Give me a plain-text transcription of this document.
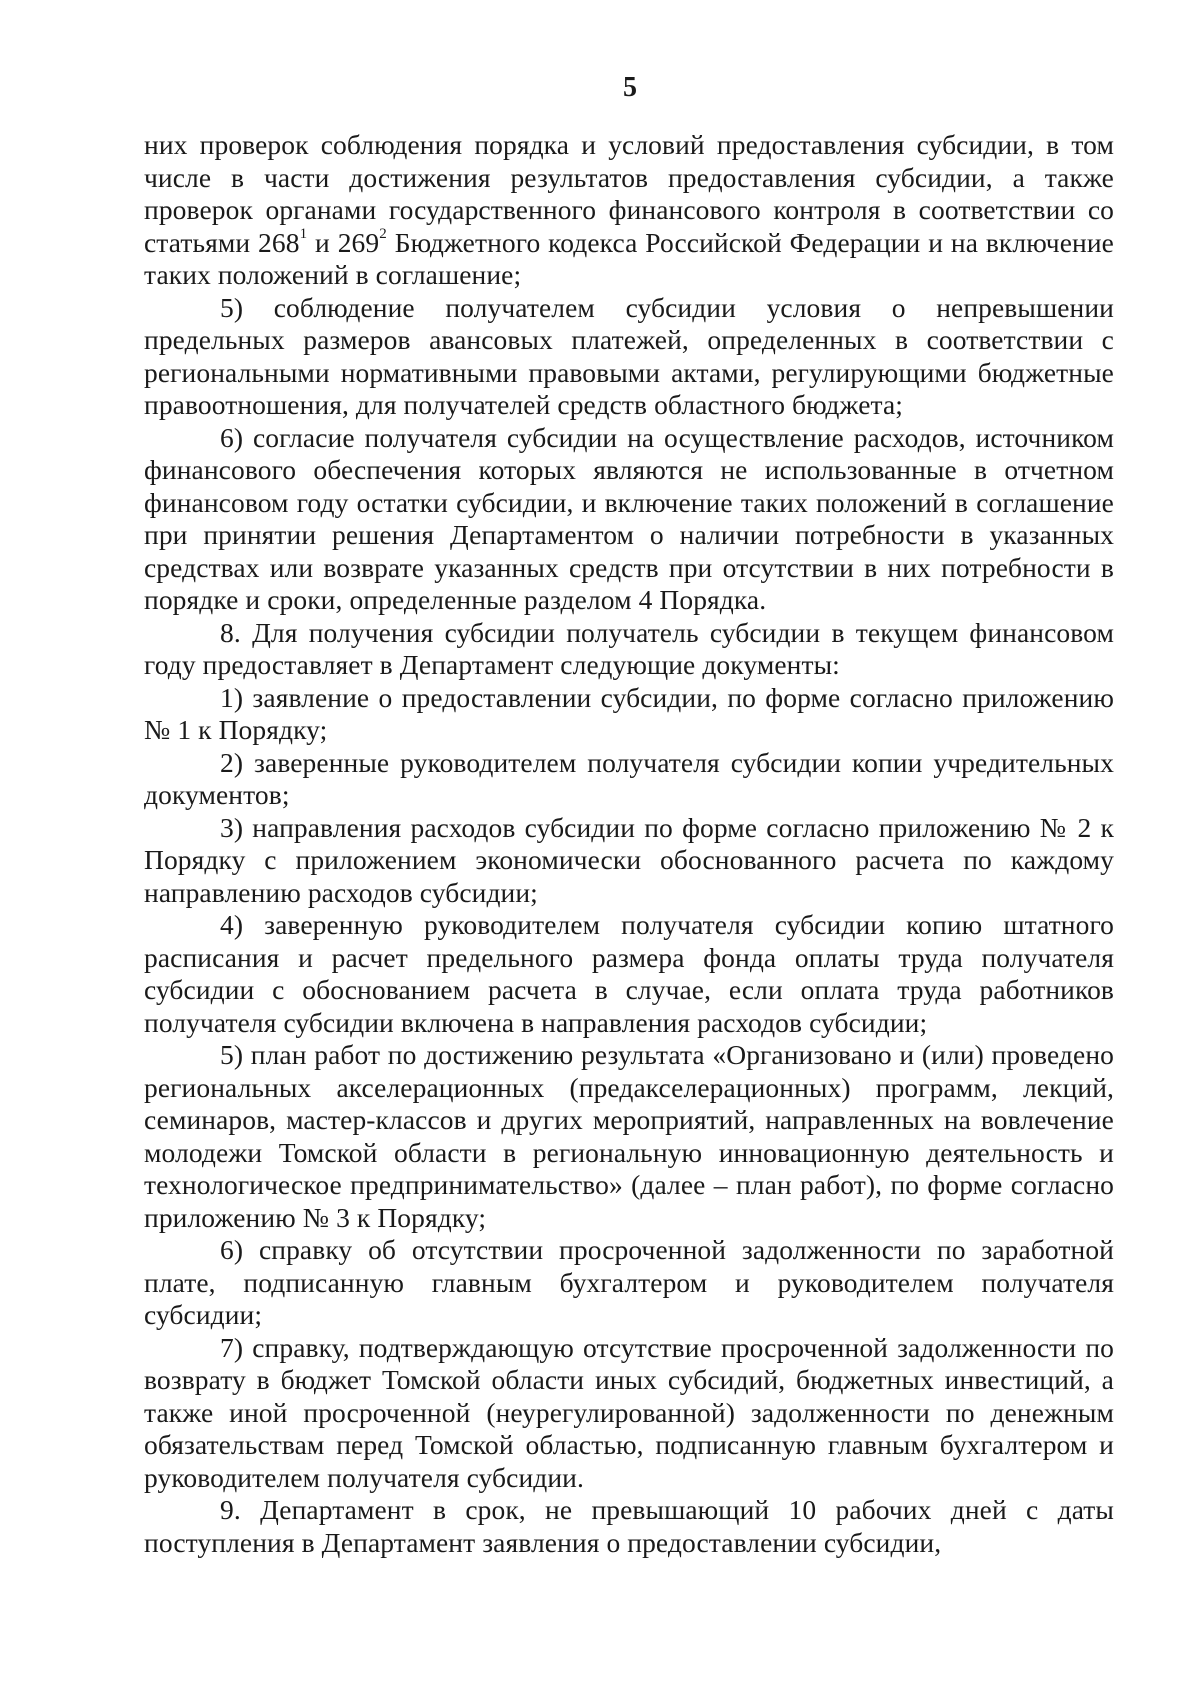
5

них проверок соблюдения порядка и условий предоставления субсидии, в том числе в части достижения результатов предоставления субсидии, а также проверок органами государственного финансового контроля в соответствии со статьями $268^1$ и $269^2$ Бюджетного кодекса Российской Федерации и на включение таких положений в соглашение;

5) соблюдение получателем субсидии условия о непревышении предельных размеров авансовых платежей, определенных в соответствии с региональными нормативными правовыми актами, регулирующими бюджетные правоотношения, для получателей средств областного бюджета;

6) согласие получателя субсидии на осуществление расходов, источником финансового обеспечения которых являются не использованные в отчетном финансовом году остатки субсидии, и включение таких положений в соглашение при принятии решения Департаментом о наличии потребности в указанных средствах или возврате указанных средств при отсутствии в них потребности в порядке и сроки, определенные разделом 4 Порядка.

8. Для получения субсидии получатель субсидии в текущем финансовом году предоставляет в Департамент следующие документы:

1) заявление о предоставлении субсидии, по форме согласно приложению № 1 к Порядку;

2) заверенные руководителем получателя субсидии копии учредительных документов;

3) направления расходов субсидии по форме согласно приложению № 2 к Порядку с приложением экономически обоснованного расчета по каждому направлению расходов субсидии;

4) заверенную руководителем получателя субсидии копию штатного расписания и расчет предельного размера фонда оплаты труда получателя субсидии с обоснованием расчета в случае, если оплата труда работников получателя субсидии включена в направления расходов субсидии;

5) план работ по достижению результата «Организовано и (или) проведено региональных акселерационных (предакселерационных) программ, лекций, семинаров, мастер-классов и других мероприятий, направленных на вовлечение молодежи Томской области в региональную инновационную деятельность и технологическое предпринимательство» (далее – план работ), по форме согласно приложению № 3 к Порядку;

6) справку об отсутствии просроченной задолженности по заработной плате, подписанную главным бухгалтером и руководителем получателя субсидии;

7) справку, подтверждающую отсутствие просроченной задолженности по возврату в бюджет Томской области иных субсидий, бюджетных инвестиций, а также иной просроченной (неурегулированной) задолженности по денежным обязательствам перед Томской областью, подписанную главным бухгалтером и руководителем получателя субсидии.

9. Департамент в срок, не превышающий 10 рабочих дней с даты поступления в Департамент заявления о предоставлении субсидии,
